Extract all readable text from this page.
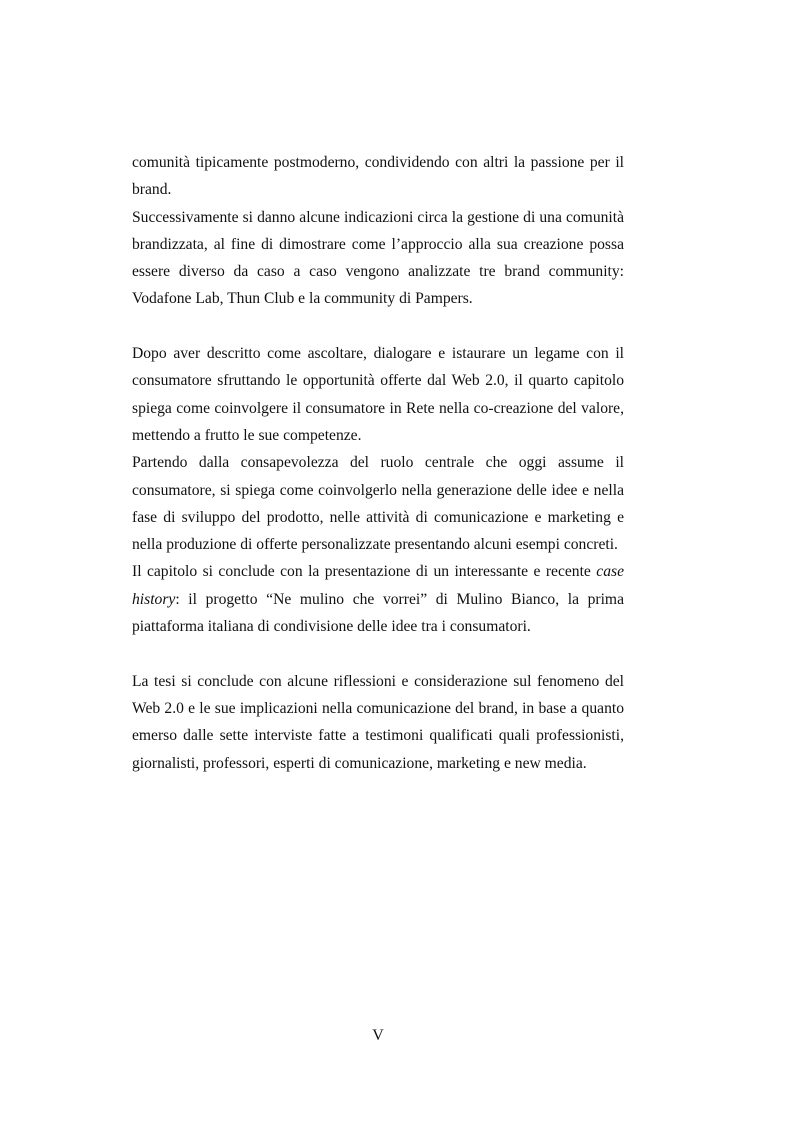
comunità tipicamente postmoderno, condividendo con altri la passione per il brand.

Successivamente si danno alcune indicazioni circa la gestione di una comunità brandizzata, al fine di dimostrare come l’approccio alla sua creazione possa essere diverso da caso a caso vengono analizzate tre brand community: Vodafone Lab, Thun Club e la community di Pampers.

Dopo aver descritto come ascoltare, dialogare e istaurare un legame con il consumatore sfruttando le opportunità offerte dal Web 2.0, il quarto capitolo spiega come coinvolgere il consumatore in Rete nella co-creazione del valore, mettendo a frutto le sue competenze.

Partendo dalla consapevolezza del ruolo centrale che oggi assume il consumatore, si spiega come coinvolgerlo nella generazione delle idee e nella fase di sviluppo del prodotto, nelle attività di comunicazione e marketing e nella produzione di offerte personalizzate presentando alcuni esempi concreti.

Il capitolo si conclude con la presentazione di un interessante e recente case history: il progetto “Ne mulino che vorrei” di Mulino Bianco, la prima piattaforma italiana di condivisione delle idee tra i consumatori.

La tesi si conclude con alcune riflessioni e considerazione sul fenomeno del Web 2.0 e le sue implicazioni nella comunicazione del brand, in base a quanto emerso dalle sette interviste fatte a testimoni qualificati quali professionisti, giornalisti, professori, esperti di comunicazione, marketing e new media.

V
